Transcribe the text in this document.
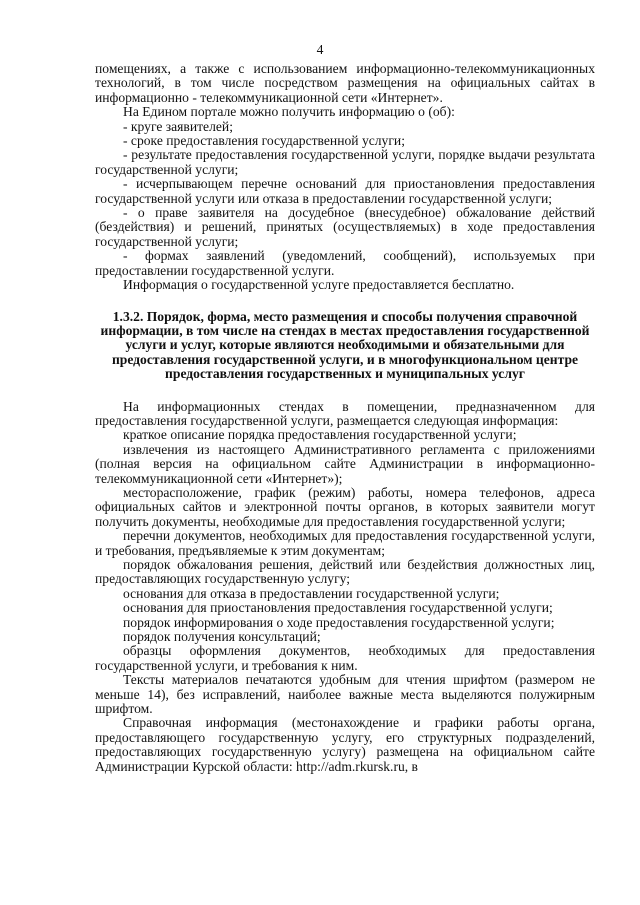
4

помещениях, а также с использованием информационно-телекоммуникационных технологий, в том числе посредством размещения на официальных сайтах в информационно - телекоммуникационной сети «Интернет».

На Едином портале можно получить информацию о (об):

- круге заявителей;

- сроке предоставления государственной услуги;

- результате предоставления государственной услуги, порядке выдачи результата государственной услуги;

- исчерпывающем перечне оснований для приостановления предоставления государственной услуги или отказа в предоставлении государственной услуги;

- о праве заявителя на досудебное (внесудебное) обжалование действий (бездействия) и решений, принятых (осуществляемых) в ходе предоставления государственной услуги;

- формах заявлений (уведомлений, сообщений), используемых при предоставлении государственной услуги.

Информация о государственной услуге предоставляется бесплатно.

1.3.2. Порядок, форма, место размещения и способы получения справочной информации, в том числе на стендах в местах предоставления государственной услуги и услуг, которые являются необходимыми и обязательными для предоставления государственной услуги, и в многофункциональном центре предоставления государственных и муниципальных услуг

На информационных стендах в помещении, предназначенном для предоставления государственной услуги, размещается следующая информация:

краткое описание порядка предоставления государственной услуги;

извлечения из настоящего Административного регламента с приложениями (полная версия на официальном сайте Администрации в информационно-телекоммуникационной сети «Интернет»);

месторасположение, график (режим) работы, номера телефонов, адреса официальных сайтов и электронной почты органов, в которых заявители могут получить документы, необходимые для предоставления государственной услуги;

перечни документов, необходимых для предоставления государственной услуги, и требования, предъявляемые к этим документам;

порядок обжалования решения, действий или бездействия должностных лиц, предоставляющих государственную услугу;

основания для отказа в предоставлении государственной услуги;

основания для приостановления предоставления государственной услуги;

порядок информирования о ходе предоставления государственной услуги;

порядок получения консультаций;

образцы оформления документов, необходимых для предоставления государственной услуги, и требования к ним.

Тексты материалов печатаются удобным для чтения шрифтом (размером не меньше 14), без исправлений, наиболее важные места выделяются полужирным шрифтом.

Справочная информация (местонахождение и графики работы органа, предоставляющего государственную услугу, его структурных подразделений, предоставляющих государственную услугу) размещена на официальном сайте Администрации Курской области: http://adm.rkursk.ru, в
